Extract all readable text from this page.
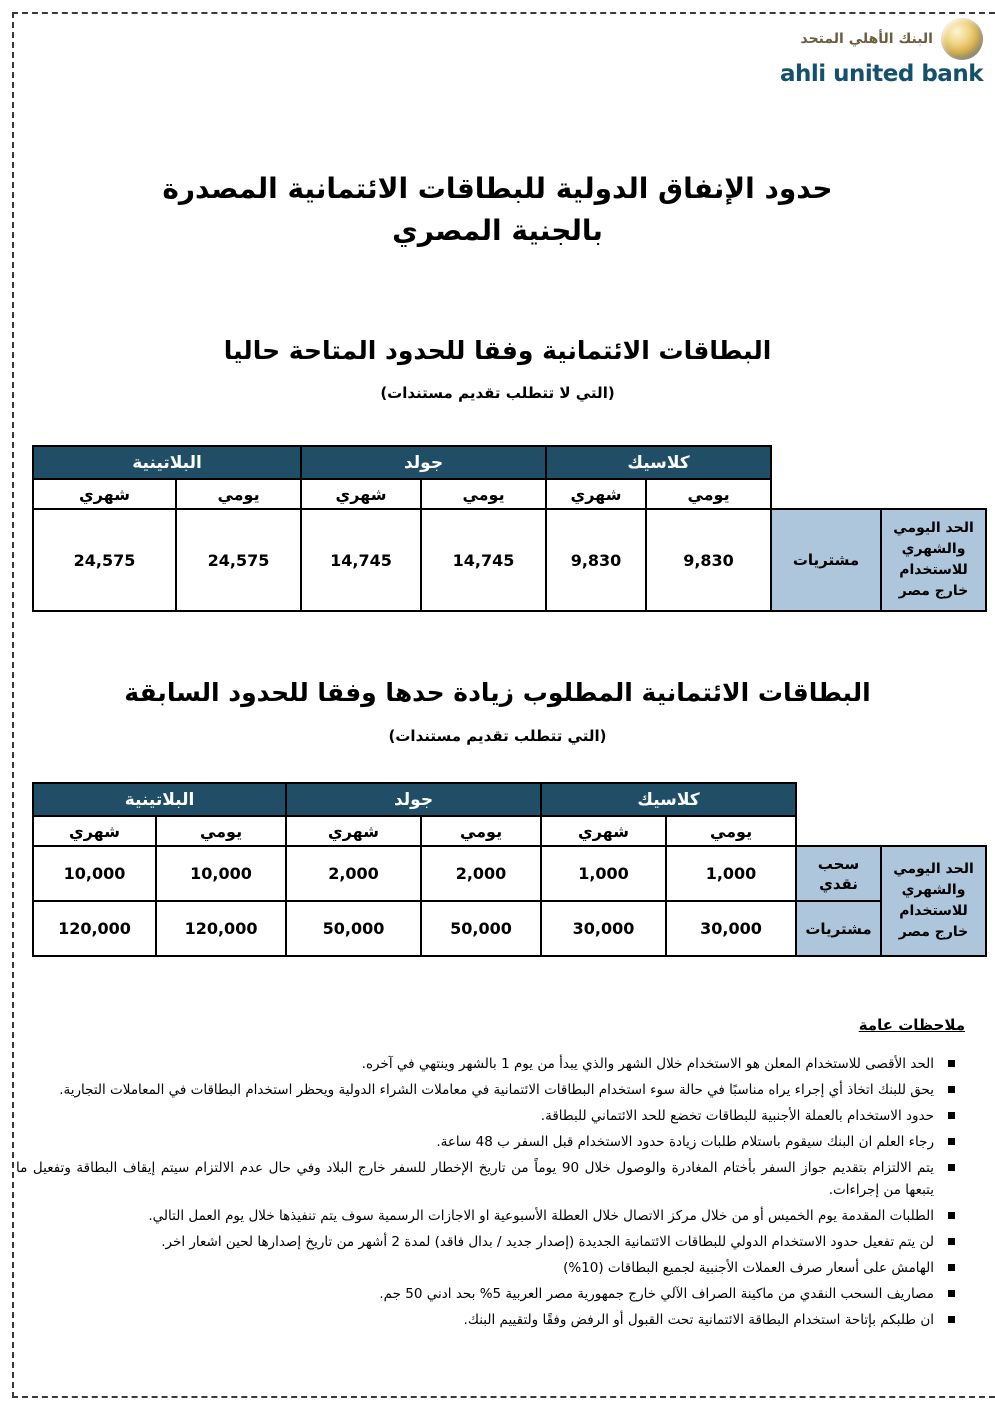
البنك الأهلي المتحد
ahli united bank
حدود الإنفاق الدولية للبطاقات الائتمانية المصدرة
بالجنية المصري
البطاقات الائتمانية وفقا للحدود المتاحة حاليا
(التي لا تتطلب تقديم مستندات)
		كلاسيك		جولد		البلاتينية	
		يومي	شهري	يومي	شهري	يومي	شهري
الحد اليومي والشهري للاستخدام خارج مصر	مشتريات	9,830	9,830	14,745	14,745	24,575	24,575
البطاقات الائتمانية المطلوب زيادة حدها وفقا للحدود السابقة
(التي تتطلب تقديم مستندات)
		كلاسيك		جولد		البلاتينية	
		يومي	شهري	يومي	شهري	يومي	شهري
الحد اليومي والشهري للاستخدام خارج مصر	سحب نقدي	1,000	1,000	2,000	2,000	10,000	10,000
	مشتريات	30,000	30,000	50,000	50,000	120,000	120,000
ملاحظات عامة
الحد الأقصى للاستخدام المعلن هو الاستخدام خلال الشهر والذي يبدأ من يوم 1 بالشهر وينتهي في آخره.
يحق للبنك اتخاذ أي إجراء يراه مناسبًا في حالة سوء استخدام البطاقات الائتمانية في معاملات الشراء الدولية ويحظر استخدام البطاقات في المعاملات التجارية.
حدود الاستخدام بالعملة الأجنبية للبطاقات تخضع للحد الائتماني للبطاقة.
رجاء العلم ان البنك سيقوم باستلام طلبات زيادة حدود الاستخدام قبل السفر ب 48 ساعة.
يتم الالتزام بتقديم جواز السفر بأختام المغادرة والوصول خلال 90 يوماً من تاريخ الإخطار للسفر خارج البلاد وفي حال عدم الالتزام سيتم إيقاف البطاقة وتفعيل ما يتبعها من إجراءات.
الطلبات المقدمة يوم الخميس أو من خلال مركز الاتصال خلال العطلة الأسبوعية او الاجازات الرسمية سوف يتم تنفيذها خلال يوم العمل التالي.
لن يتم تفعيل حدود الاستخدام الدولي للبطاقات الائتمانية الجديدة (إصدار جديد / بدال فاقد) لمدة 2 أشهر من تاريخ إصدارها لحين اشعار اخر.
الهامش على أسعار صرف العملات الأجنبية لجميع البطاقات (10%)
مصاريف السحب النقدي من ماكينة الصراف الآلي خارج جمهورية مصر العربية 5% بحد ادني 50 جم.
ان طلبكم بإتاحة استخدام البطاقة الائتمانية تحت القبول أو الرفض وفقًا ولتقييم البنك.
